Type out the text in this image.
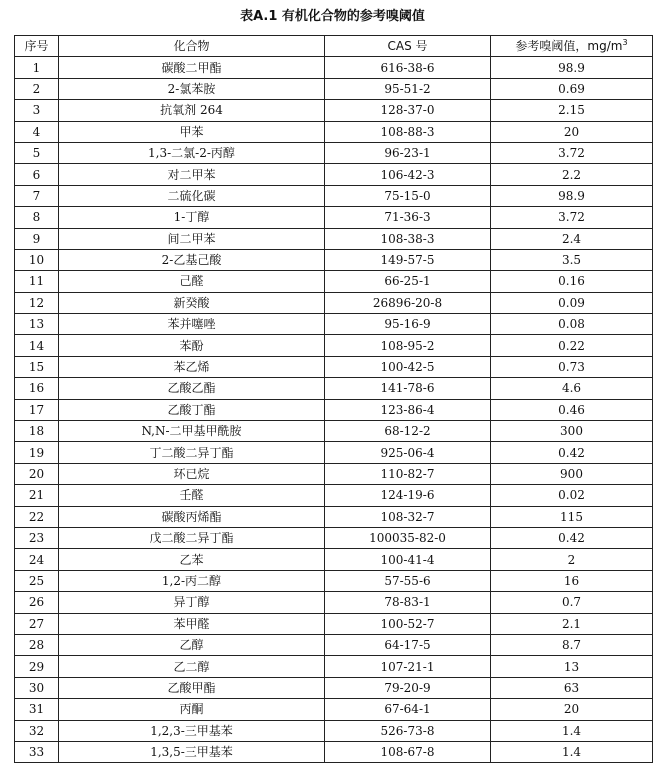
表A.1 有机化合物的参考嗅阈值
序号	化合物	CAS 号	参考嗅阈值，$mg/m^3$
1	碳酸二甲酯	616-38-6	98.9
2	2-氯苯胺	95-51-2	0.69
3	抗氧剂 264	128-37-0	2.15
4	甲苯	108-88-3	20
5	1,3-二氯-2-丙醇	96-23-1	3.72
6	对二甲苯	106-42-3	2.2
7	二硫化碳	75-15-0	98.9
8	1-丁醇	71-36-3	3.72
9	间二甲苯	108-38-3	2.4
10	2-乙基己酸	149-57-5	3.5
11	己醛	66-25-1	0.16
12	新癸酸	26896-20-8	0.09
13	苯并噻唑	95-16-9	0.08
14	苯酚	108-95-2	0.22
15	苯乙烯	100-42-5	0.73
16	乙酸乙酯	141-78-6	4.6
17	乙酸丁酯	123-86-4	0.46
18	N,N-二甲基甲酰胺	68-12-2	300
19	丁二酸二异丁酯	925-06-4	0.42
20	环已烷	110-82-7	900
21	壬醛	124-19-6	0.02
22	碳酸丙烯酯	108-32-7	115
23	戊二酸二异丁酯	100035-82-0	0.42
24	乙苯	100-41-4	2
25	1,2-丙二醇	57-55-6	16
26	异丁醇	78-83-1	0.7
27	苯甲醛	100-52-7	2.1
28	乙醇	64-17-5	8.7
29	乙二醇	107-21-1	13
30	乙酸甲酯	79-20-9	63
31	丙酮	67-64-1	20
32	1,2,3-三甲基苯	526-73-8	1.4
33	1,3,5-三甲基苯	108-67-8	1.4
